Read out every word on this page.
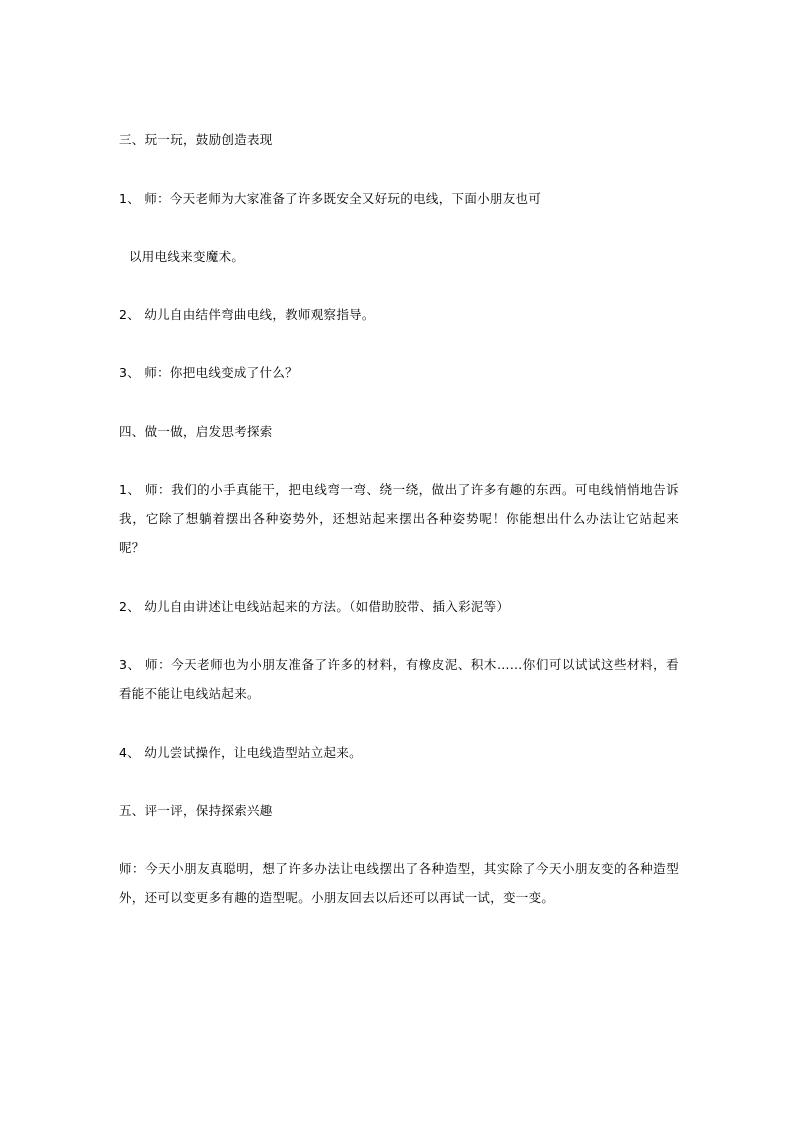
三、玩一玩，鼓励创造表现
1、 师：今天老师为大家准备了许多既安全又好玩的电线，下面小朋友也可
以用电线来变魔术。
2、 幼儿自由结伴弯曲电线，教师观察指导。
3、 师：你把电线变成了什么？
四、做一做，启发思考探索
1、 师：我们的小手真能干，把电线弯一弯、绕一绕，做出了许多有趣的东西。可电线悄悄地告诉我，它除了想躺着摆出各种姿势外，还想站起来摆出各种姿势呢！你能想出什么办法让它站起来呢？
2、 幼儿自由讲述让电线站起来的方法。（如借助胶带、插入彩泥等）
3、 师：今天老师也为小朋友准备了许多的材料，有橡皮泥、积木……你们可以试试这些材料，看看能不能让电线站起来。
4、 幼儿尝试操作，让电线造型站立起来。
五、评一评，保持探索兴趣
师：今天小朋友真聪明，想了许多办法让电线摆出了各种造型，其实除了今天小朋友变的各种造型外，还可以变更多有趣的造型呢。小朋友回去以后还可以再试一试，变一变。
